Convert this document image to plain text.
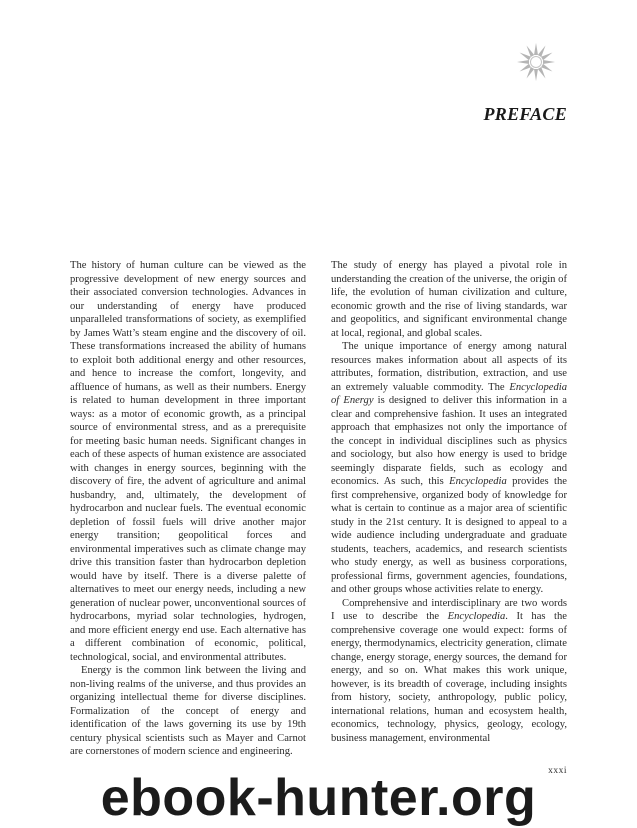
PREFACE

The history of human culture can be viewed as the progressive development of new energy sources and their associated conversion technologies. Advances in our understanding of energy have produced unparalleled transformations of society, as exemplified by James Watt’s steam engine and the discovery of oil. These transformations increased the ability of humans to exploit both additional energy and other resources, and hence to increase the comfort, longevity, and affluence of humans, as well as their numbers. Energy is related to human development in three important ways: as a motor of economic growth, as a principal source of environmental stress, and as a prerequisite for meeting basic human needs. Significant changes in each of these aspects of human existence are associated with changes in energy sources, beginning with the discovery of fire, the advent of agriculture and animal husbandry, and, ultimately, the development of hydrocarbon and nuclear fuels. The eventual economic depletion of fossil fuels will drive another major energy transition; geopolitical forces and environmental imperatives such as climate change may drive this transition faster than hydrocarbon depletion would have by itself. There is a diverse palette of alternatives to meet our energy needs, including a new generation of nuclear power, unconventional sources of hydrocarbons, myriad solar technologies, hydrogen, and more efficient energy end use. Each alternative has a different combination of economic, political, technological, social, and environmental attributes.

Energy is the common link between the living and non-living realms of the universe, and thus provides an organizing intellectual theme for diverse disciplines. Formalization of the concept of energy and identification of the laws governing its use by 19th century physical scientists such as Mayer and Carnot are cornerstones of modern science and engineering.

The study of energy has played a pivotal role in understanding the creation of the universe, the origin of life, the evolution of human civilization and culture, economic growth and the rise of living standards, war and geopolitics, and significant environmental change at local, regional, and global scales.

The unique importance of energy among natural resources makes information about all aspects of its attributes, formation, distribution, extraction, and use an extremely valuable commodity. The Encyclopedia of Energy is designed to deliver this information in a clear and comprehensive fashion. It uses an integrated approach that emphasizes not only the importance of the concept in individual disciplines such as physics and sociology, but also how energy is used to bridge seemingly disparate fields, such as ecology and economics. As such, this Encyclopedia provides the first comprehensive, organized body of knowledge for what is certain to continue as a major area of scientific study in the 21st century. It is designed to appeal to a wide audience including undergraduate and graduate students, teachers, academics, and research scientists who study energy, as well as business corporations, professional firms, government agencies, foundations, and other groups whose activities relate to energy.

Comprehensive and interdisciplinary are two words I use to describe the Encyclopedia. It has the comprehensive coverage one would expect: forms of energy, thermodynamics, electricity generation, climate change, energy storage, energy sources, the demand for energy, and so on. What makes this work unique, however, is its breadth of coverage, including insights from history, society, anthropology, public policy, international relations, human and ecosystem health, economics, technology, physics, geology, ecology, business management, environmental

xxxi
ebook-hunter.org
